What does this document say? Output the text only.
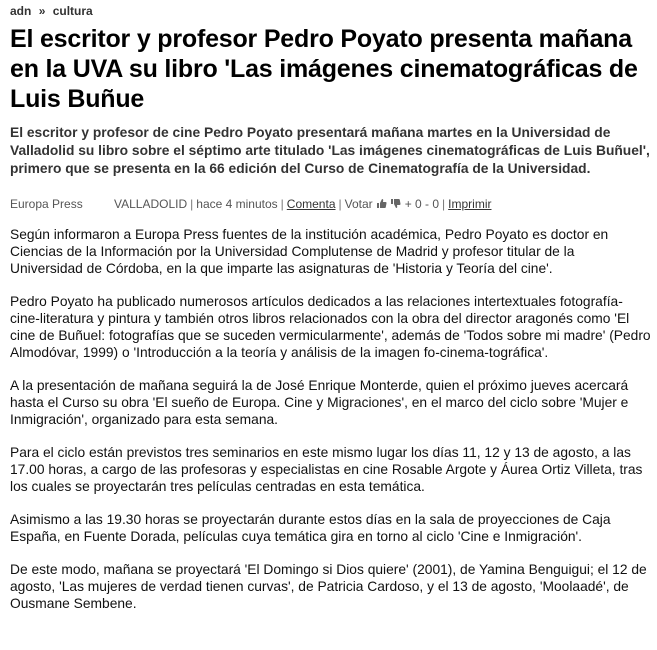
adn » cultura
El escritor y profesor Pedro Poyato presenta mañana en la UVA su libro 'Las imágenes cinematográficas de Luis Buñue

El escritor y profesor de cine Pedro Poyato presentará mañana martes en la Universidad de Valladolid su libro sobre el séptimo arte titulado 'Las imágenes cinematográficas de Luis Buñuel', primero que se presenta en la 66 edición del Curso de Cinematografía de la Universidad.

Europa Press	VALLADOLID | hace 4 minutos | Comenta | Votar	+ 0 - 0 | Imprimir

Según informaron a Europa Press fuentes de la institución académica, Pedro Poyato es doctor en Ciencias de la Información por la Universidad Complutense de Madrid y profesor titular de la Universidad de Córdoba, en la que imparte las asignaturas de 'Historia y Teoría del cine'.

Pedro Poyato ha publicado numerosos artículos dedicados a las relaciones intertextuales fotografía-cine-literatura y pintura y también otros libros relacionados con la obra del director aragonés como 'El cine de Buñuel: fotografías que se suceden vermicularmente', además de 'Todos sobre mi madre' (Pedro Almodóvar, 1999) o 'Introducción a la teoría y análisis de la imagen fo-cinema-tográfica'.

A la presentación de mañana seguirá la de José Enrique Monterde, quien el próximo jueves acercará hasta el Curso su obra 'El sueño de Europa. Cine y Migraciones', en el marco del ciclo sobre 'Mujer e Inmigración', organizado para esta semana.

Para el ciclo están previstos tres seminarios en este mismo lugar los días 11, 12 y 13 de agosto, a las 17.00 horas, a cargo de las profesoras y especialistas en cine Rosable Argote y Áurea Ortiz Villeta, tras los cuales se proyectarán tres películas centradas en esta temática.

Asimismo a las 19.30 horas se proyectarán durante estos días en la sala de proyecciones de Caja España, en Fuente Dorada, películas cuya temática gira en torno al ciclo 'Cine e Inmigración'.

De este modo, mañana se proyectará 'El Domingo si Dios quiere' (2001), de Yamina Benguigui; el 12 de agosto, 'Las mujeres de verdad tienen curvas', de Patricia Cardoso, y el 13 de agosto, 'Moolaadé', de Ousmane Sembene.
